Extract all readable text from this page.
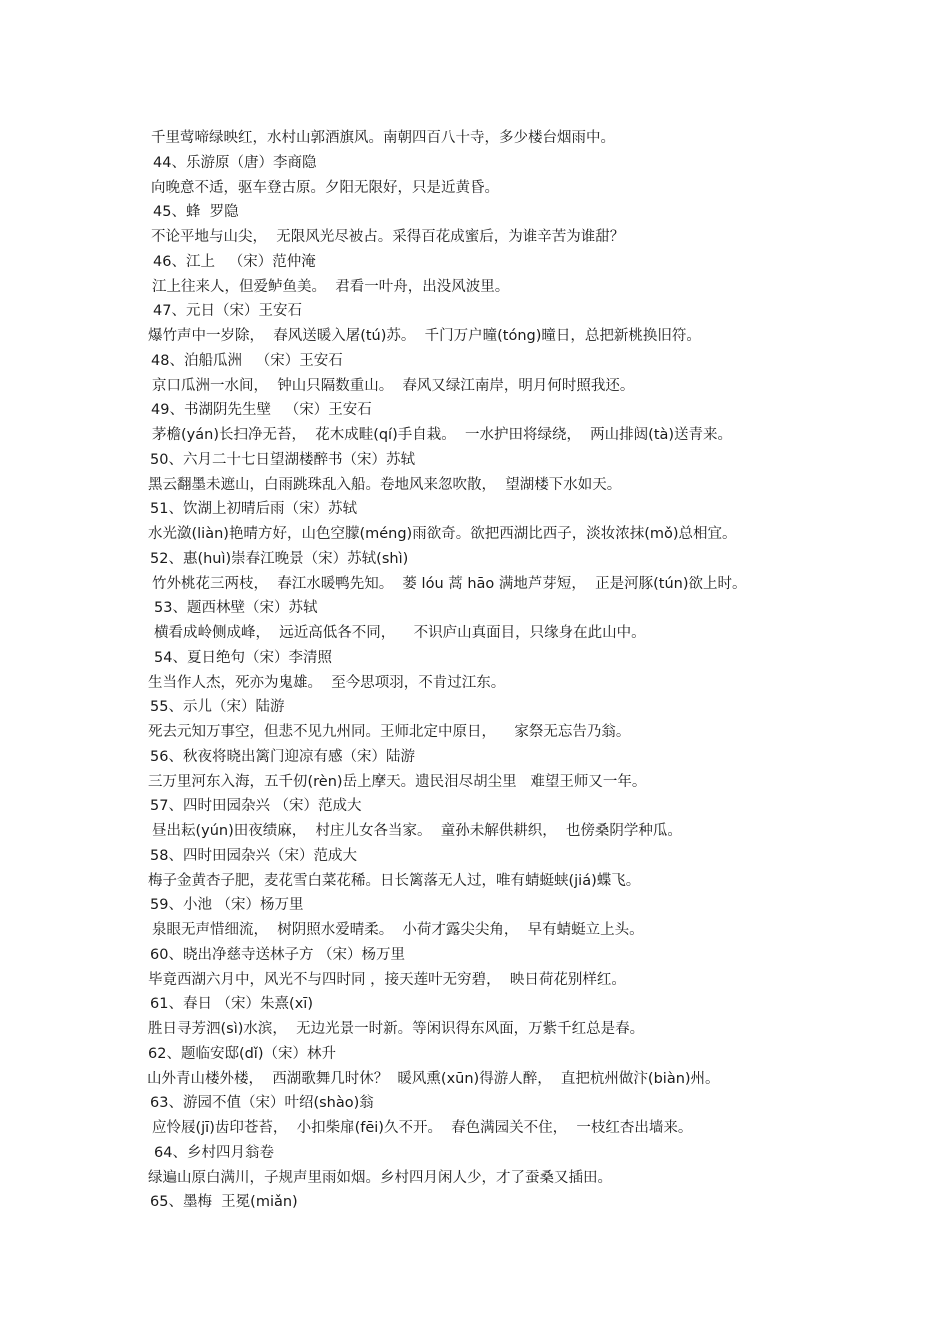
千里莺啼绿映红，水村山郭酒旗风。南朝四百八十寺，多少楼台烟雨中。
44、乐游原（唐）李商隐
向晚意不适，驱车登古原。夕阳无限好，只是近黄昏。
45、蜂  罗隐
不论平地与山尖，  无限风光尽被占。采得百花成蜜后，为谁辛苦为谁甜？
46、江上   （宋）范仲淹
江上往来人，但爱鲈鱼美。  君看一叶舟，出没风波里。
47、元日（宋）王安石
爆竹声中一岁除，  春风送暖入屠(tú)苏。  千门万户曈(tóng)曈日，总把新桃换旧符。
48、泊船瓜洲   （宋）王安石
京口瓜洲一水间，  钟山只隔数重山。  春风又绿江南岸，明月何时照我还。
49、书湖阴先生壁   （宋）王安石
茅檐(yán)长扫净无苔，  花木成畦(qí)手自栽。  一水护田将绿绕，  两山排闼(tà)送青来。
50、六月二十七日望湖楼醉书（宋）苏轼
黑云翻墨未遮山，白雨跳珠乱入船。卷地风来忽吹散，  望湖楼下水如天。
51、饮湖上初晴后雨（宋）苏轼
水光潋(liàn)艳晴方好，山色空朦(méng)雨欲奇。欲把西湖比西子，淡妆浓抹(mǒ)总相宜。
52、惠(huì)崇春江晚景（宋）苏轼(shì)
竹外桃花三两枝，  春江水暖鸭先知。  蒌 lóu 蒿 hāo 满地芦芽短，  正是河豚(tún)欲上时。
53、题西林壁（宋）苏轼
横看成岭侧成峰，  远近高低各不同，    不识庐山真面目，只缘身在此山中。
54、夏日绝句（宋）李清照
生当作人杰，死亦为鬼雄。  至今思项羽，不肯过江东。
55、示儿（宋）陆游
死去元知万事空，但悲不见九州同。王师北定中原日，    家祭无忘告乃翁。
56、秋夜将晓出篱门迎凉有感（宋）陆游
三万里河东入海，五千仞(rèn)岳上摩天。遗民泪尽胡尘里   难望王师又一年。
57、四时田园杂兴 （宋）范成大
昼出耘(yún)田夜绩麻，  村庄儿女各当家。  童孙未解供耕织，  也傍桑阴学种瓜。
58、四时田园杂兴（宋）范成大
梅子金黄杏子肥，麦花雪白菜花稀。日长篱落无人过，唯有蜻蜓蛱(jiá)蝶飞。
59、小池 （宋）杨万里
泉眼无声惜细流，  树阴照水爱晴柔。  小荷才露尖尖角，  早有蜻蜓立上头。
60、晓出净慈寺送林子方 （宋）杨万里
毕竟西湖六月中，风光不与四时同 ，接天莲叶无穷碧，  映日荷花别样红。
61、春日 （宋）朱熹(xī)
胜日寻芳泗(sì)水滨，  无边光景一时新。等闲识得东风面，万紫千红总是春。
62、题临安邸(dǐ)（宋）林升
山外青山楼外楼，  西湖歌舞几时休？  暖风熏(xūn)得游人醉，  直把杭州做汴(biàn)州。
63、游园不值（宋）叶绍(shào)翁
应怜屐(jī)齿印苍苔，  小扣柴扉(fēi)久不开。  春色满园关不住，  一枝红杏出墙来。
64、乡村四月翁卷
绿遍山原白满川，子规声里雨如烟。乡村四月闲人少，才了蚕桑又插田。
65、墨梅  王冕(miǎn)
